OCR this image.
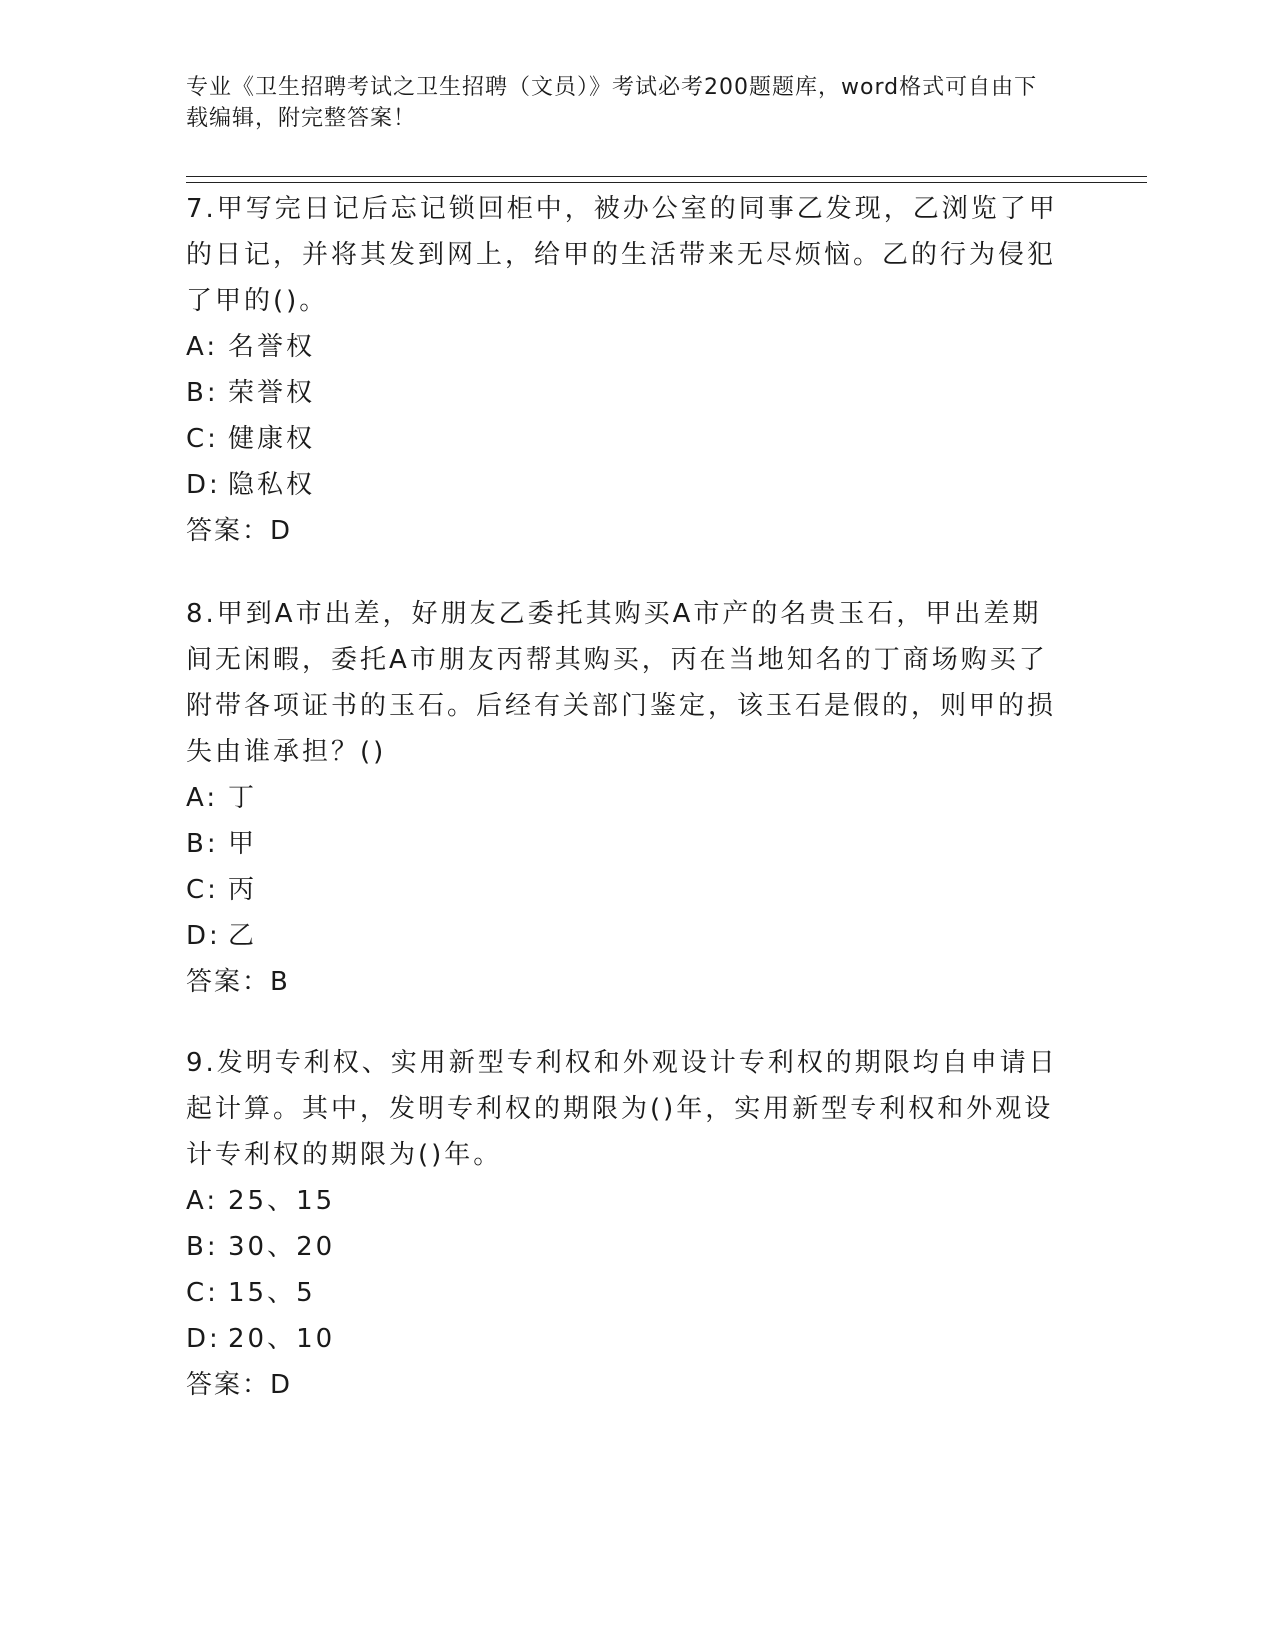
专业《卫生招聘考试之卫生招聘（文员）》考试必考200题题库，word格式可自由下载编辑，附完整答案！

7.甲写完日记后忘记锁回柜中，被办公室的同事乙发现，乙浏览了甲的日记，并将其发到网上，给甲的生活带来无尽烦恼。乙的行为侵犯了甲的()。

A: 名誉权

B: 荣誉权

C: 健康权

D: 隐私权

答案：D

8.甲到A市出差，好朋友乙委托其购买A市产的名贵玉石，甲出差期间无闲暇，委托A市朋友丙帮其购买，丙在当地知名的丁商场购买了附带各项证书的玉石。后经有关部门鉴定，该玉石是假的，则甲的损失由谁承担？()

A: 丁

B: 甲

C: 丙

D: 乙

答案：B

9.发明专利权、实用新型专利权和外观设计专利权的期限均自申请日起计算。其中，发明专利权的期限为()年，实用新型专利权和外观设计专利权的期限为()年。

A: 25、15

B: 30、20

C: 15、5

D: 20、10

答案：D
